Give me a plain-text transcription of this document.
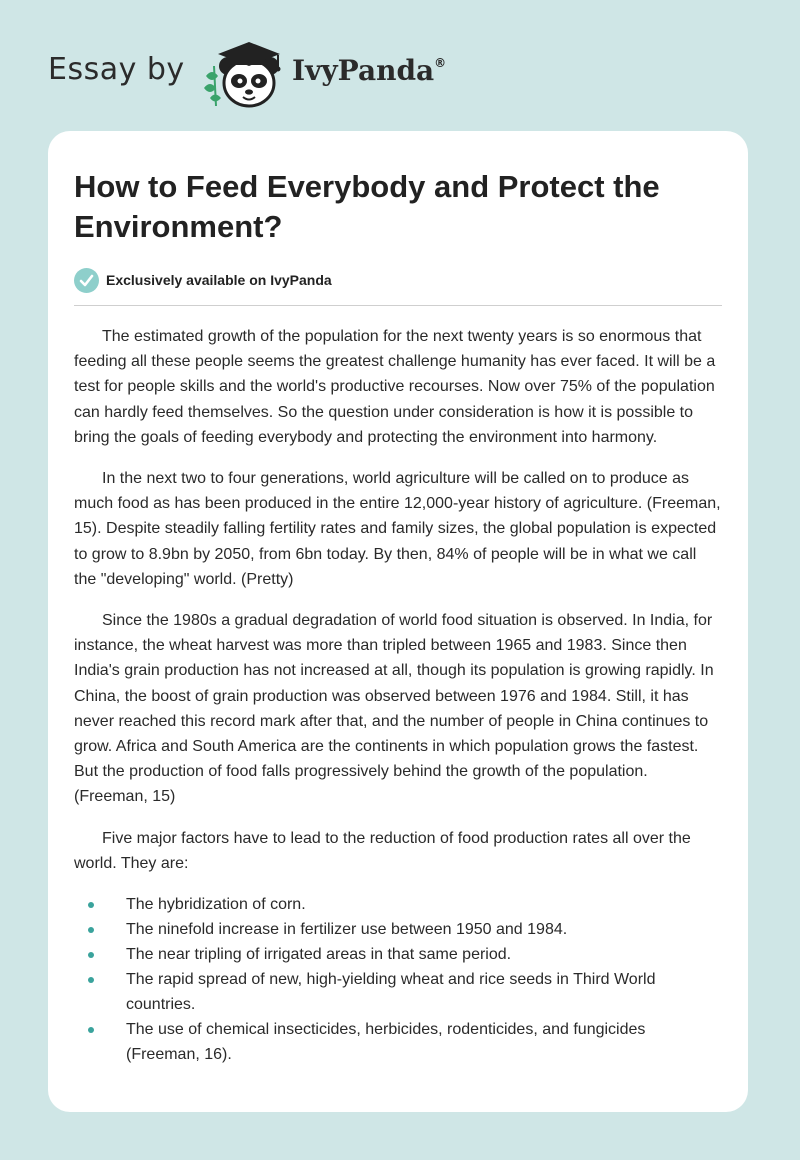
Essay by	IvyPanda®
How to Feed Everybody and Protect the Environment?
Exclusively available on IvyPanda

The estimated growth of the population for the next twenty years is so enormous that feeding all these people seems the greatest challenge humanity has ever faced. It will be a test for people skills and the world's productive recourses. Now over 75% of the population can hardly feed themselves. So the question under consideration is how it is possible to bring the goals of feeding everybody and protecting the environment into harmony.

In the next two to four generations, world agriculture will be called on to produce as much food as has been produced in the entire 12,000-year history of agriculture. (Freeman, 15). Despite steadily falling fertility rates and family sizes, the global population is expected to grow to 8.9bn by 2050, from 6bn today. By then, 84% of people will be in what we call the "developing" world. (Pretty)

Since the 1980s a gradual degradation of world food situation is observed. In India, for instance, the wheat harvest was more than tripled between 1965 and 1983. Since then India's grain production has not increased at all, though its population is growing rapidly. In China, the boost of grain production was observed between 1976 and 1984. Still, it has never reached this record mark after that, and the number of people in China continues to grow. Africa and South America are the continents in which population grows the fastest. But the production of food falls progressively behind the growth of the population. (Freeman, 15)

Five major factors have to lead to the reduction of food production rates all over the world. They are:

The hybridization of corn.
The ninefold increase in fertilizer use between 1950 and 1984.
The near tripling of irrigated areas in that same period.
The rapid spread of new, high-yielding wheat and rice seeds in Third World countries.
The use of chemical insecticides, herbicides, rodenticides, and fungicides (Freeman, 16).
